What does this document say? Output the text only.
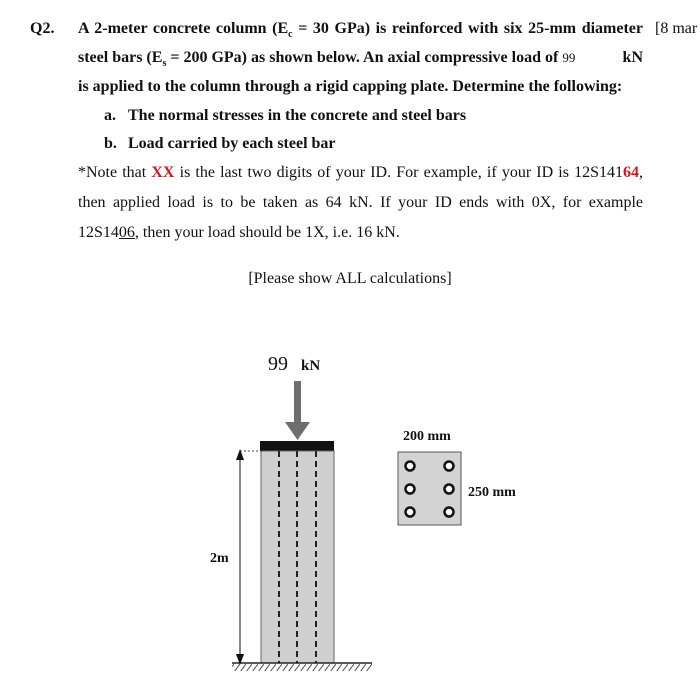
Q2.	[8 mar
A 2-meter concrete column ($E_c = 30$ GPa) is reinforced with six 25-mm diameter
steel bars ($E_s = 200$ GPa) as shown below. An axial compressive load of 99	kN
is applied to the column through a rigid capping plate. Determine the following:
a. The normal stresses in the concrete and steel bars
b. Load carried by each steel bar
*Note that XX is the last two digits of your ID. For example, if your ID is 12S14164,
then applied load is to be taken as 64 kN. If your ID ends with 0X, for example
12S1406, then your load should be 1X, i.e. 16 kN.
[Please show ALL calculations]
99 kN
2m
200 mm
250 mm
